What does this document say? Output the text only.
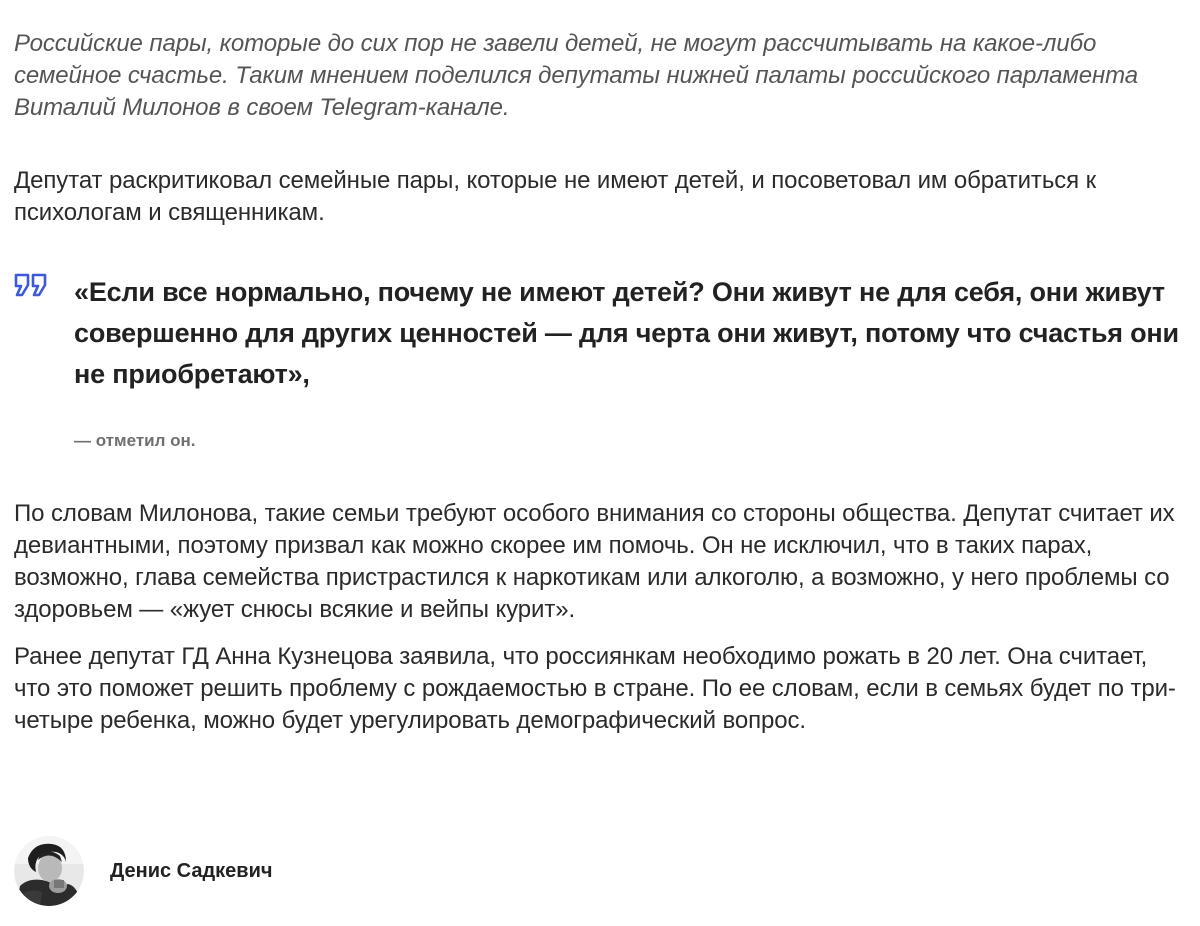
Российские пары, которые до сих пор не завели детей, не могут рассчитывать на какое-либо семейное счастье. Таким мнением поделился депутаты нижней палаты российского парламента Виталий Милонов в своем Telegram-канале.

Депутат раскритиковал семейные пары, которые не имеют детей, и посоветовал им обратиться к психологам и священникам.

«Если все нормально, почему не имеют детей? Они живут не для себя, они живут совершенно для других ценностей — для черта они живут, потому что счастья они не приобретают»,

— отметил он.

По словам Милонова, такие семьи требуют особого внимания со стороны общества. Депутат считает их девиантными, поэтому призвал как можно скорее им помочь. Он не исключил, что в таких парах, возможно, глава семейства пристрастился к наркотикам или алкоголю, а возможно, у него проблемы со здоровьем — «жует снюсы всякие и вейпы курит».

Ранее депутат ГД Анна Кузнецова заявила, что россиянкам необходимо рожать в 20 лет. Она считает, что это поможет решить проблему с рождаемостью в стране. По ее словам, если в семьях будет по три-четыре ребенка, можно будет урегулировать демографический вопрос.

Денис Садкевич
